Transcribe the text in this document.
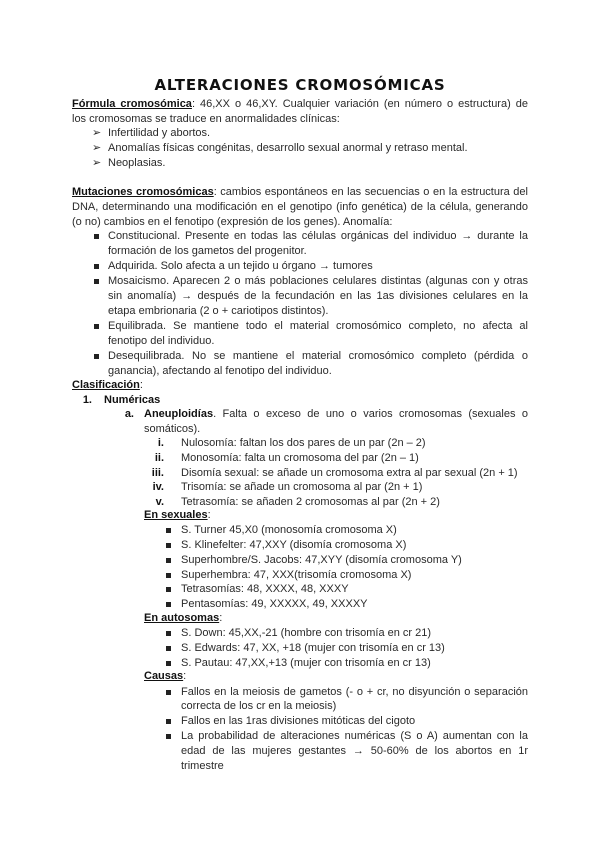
ALTERACIONES CROMOSÓMICAS
Fórmula cromosómica: 46,XX o 46,XY. Cualquier variación (en número o estructura) de
los cromosomas se traduce en anormalidades clínicas:
➢ Infertilidad y abortos.
➢ Anomalías físicas congénitas, desarrollo sexual anormal y retraso mental.
➢ Neoplasias.
Mutaciones cromosómicas: cambios espontáneos en las secuencias o en la estructura del
DNA, determinando una modificación en el genotipo (info genética) de la célula, generando
(o no) cambios en el fenotipo (expresión de los genes). Anomalía:
Constitucional. Presente en todas las células orgánicas del individuo → durante la
formación de los gametos del progenitor.
Adquirida. Solo afecta a un tejido u órgano → tumores
Mosaicismo. Aparecen 2 o más poblaciones celulares distintas (algunas con y otras
sin anomalía) → después de la fecundación en las 1as divisiones celulares en la
etapa embrionaria (2 o + cariotipos distintos).
Equilibrada. Se mantiene todo el material cromosómico completo, no afecta al
fenotipo del individuo.
Desequilibrada. No se mantiene el material cromosómico completo (pérdida o
ganancia), afectando al fenotipo del individuo.
Clasificación:
1. Numéricas
a. Aneuploidías. Falta o exceso de uno o varios cromosomas (sexuales o
somáticos).
i. Nulosomía: faltan los dos pares de un par (2n – 2)
ii. Monosomía: falta un cromosoma del par (2n – 1)
iii. Disomía sexual: se añade un cromosoma extra al par sexual (2n + 1)
iv. Trisomía: se añade un cromosoma al par (2n + 1)
v. Tetrasomía: se añaden 2 cromosomas al par (2n + 2)
En sexuales:
S. Turner 45,X0 (monosomía cromosoma X)
S. Klinefelter: 47,XXY (disomía cromosoma X)
Superhombre/S. Jacobs: 47,XYY (disomía cromosoma Y)
Superhembra: 47, XXX(trisomía cromosoma X)
Tetrasomías: 48, XXXX, 48, XXXY
Pentasomías: 49, XXXXX, 49, XXXXY
En autosomas:
S. Down: 45,XX,-21 (hombre con trisomía en cr 21)
S. Edwards: 47, XX, +18 (mujer con trisomía en cr 13)
S. Pautau: 47,XX,+13 (mujer con trisomía en cr 13)
Causas:
Fallos en la meiosis de gametos (- o + cr, no disyunción o separación
correcta de los cr en la meiosis)
Fallos en las 1ras divisiones mitóticas del cigoto
La probabilidad de alteraciones numéricas (S o A) aumentan con la
edad de las mujeres gestantes → 50-60% de los abortos en 1r
trimestre
